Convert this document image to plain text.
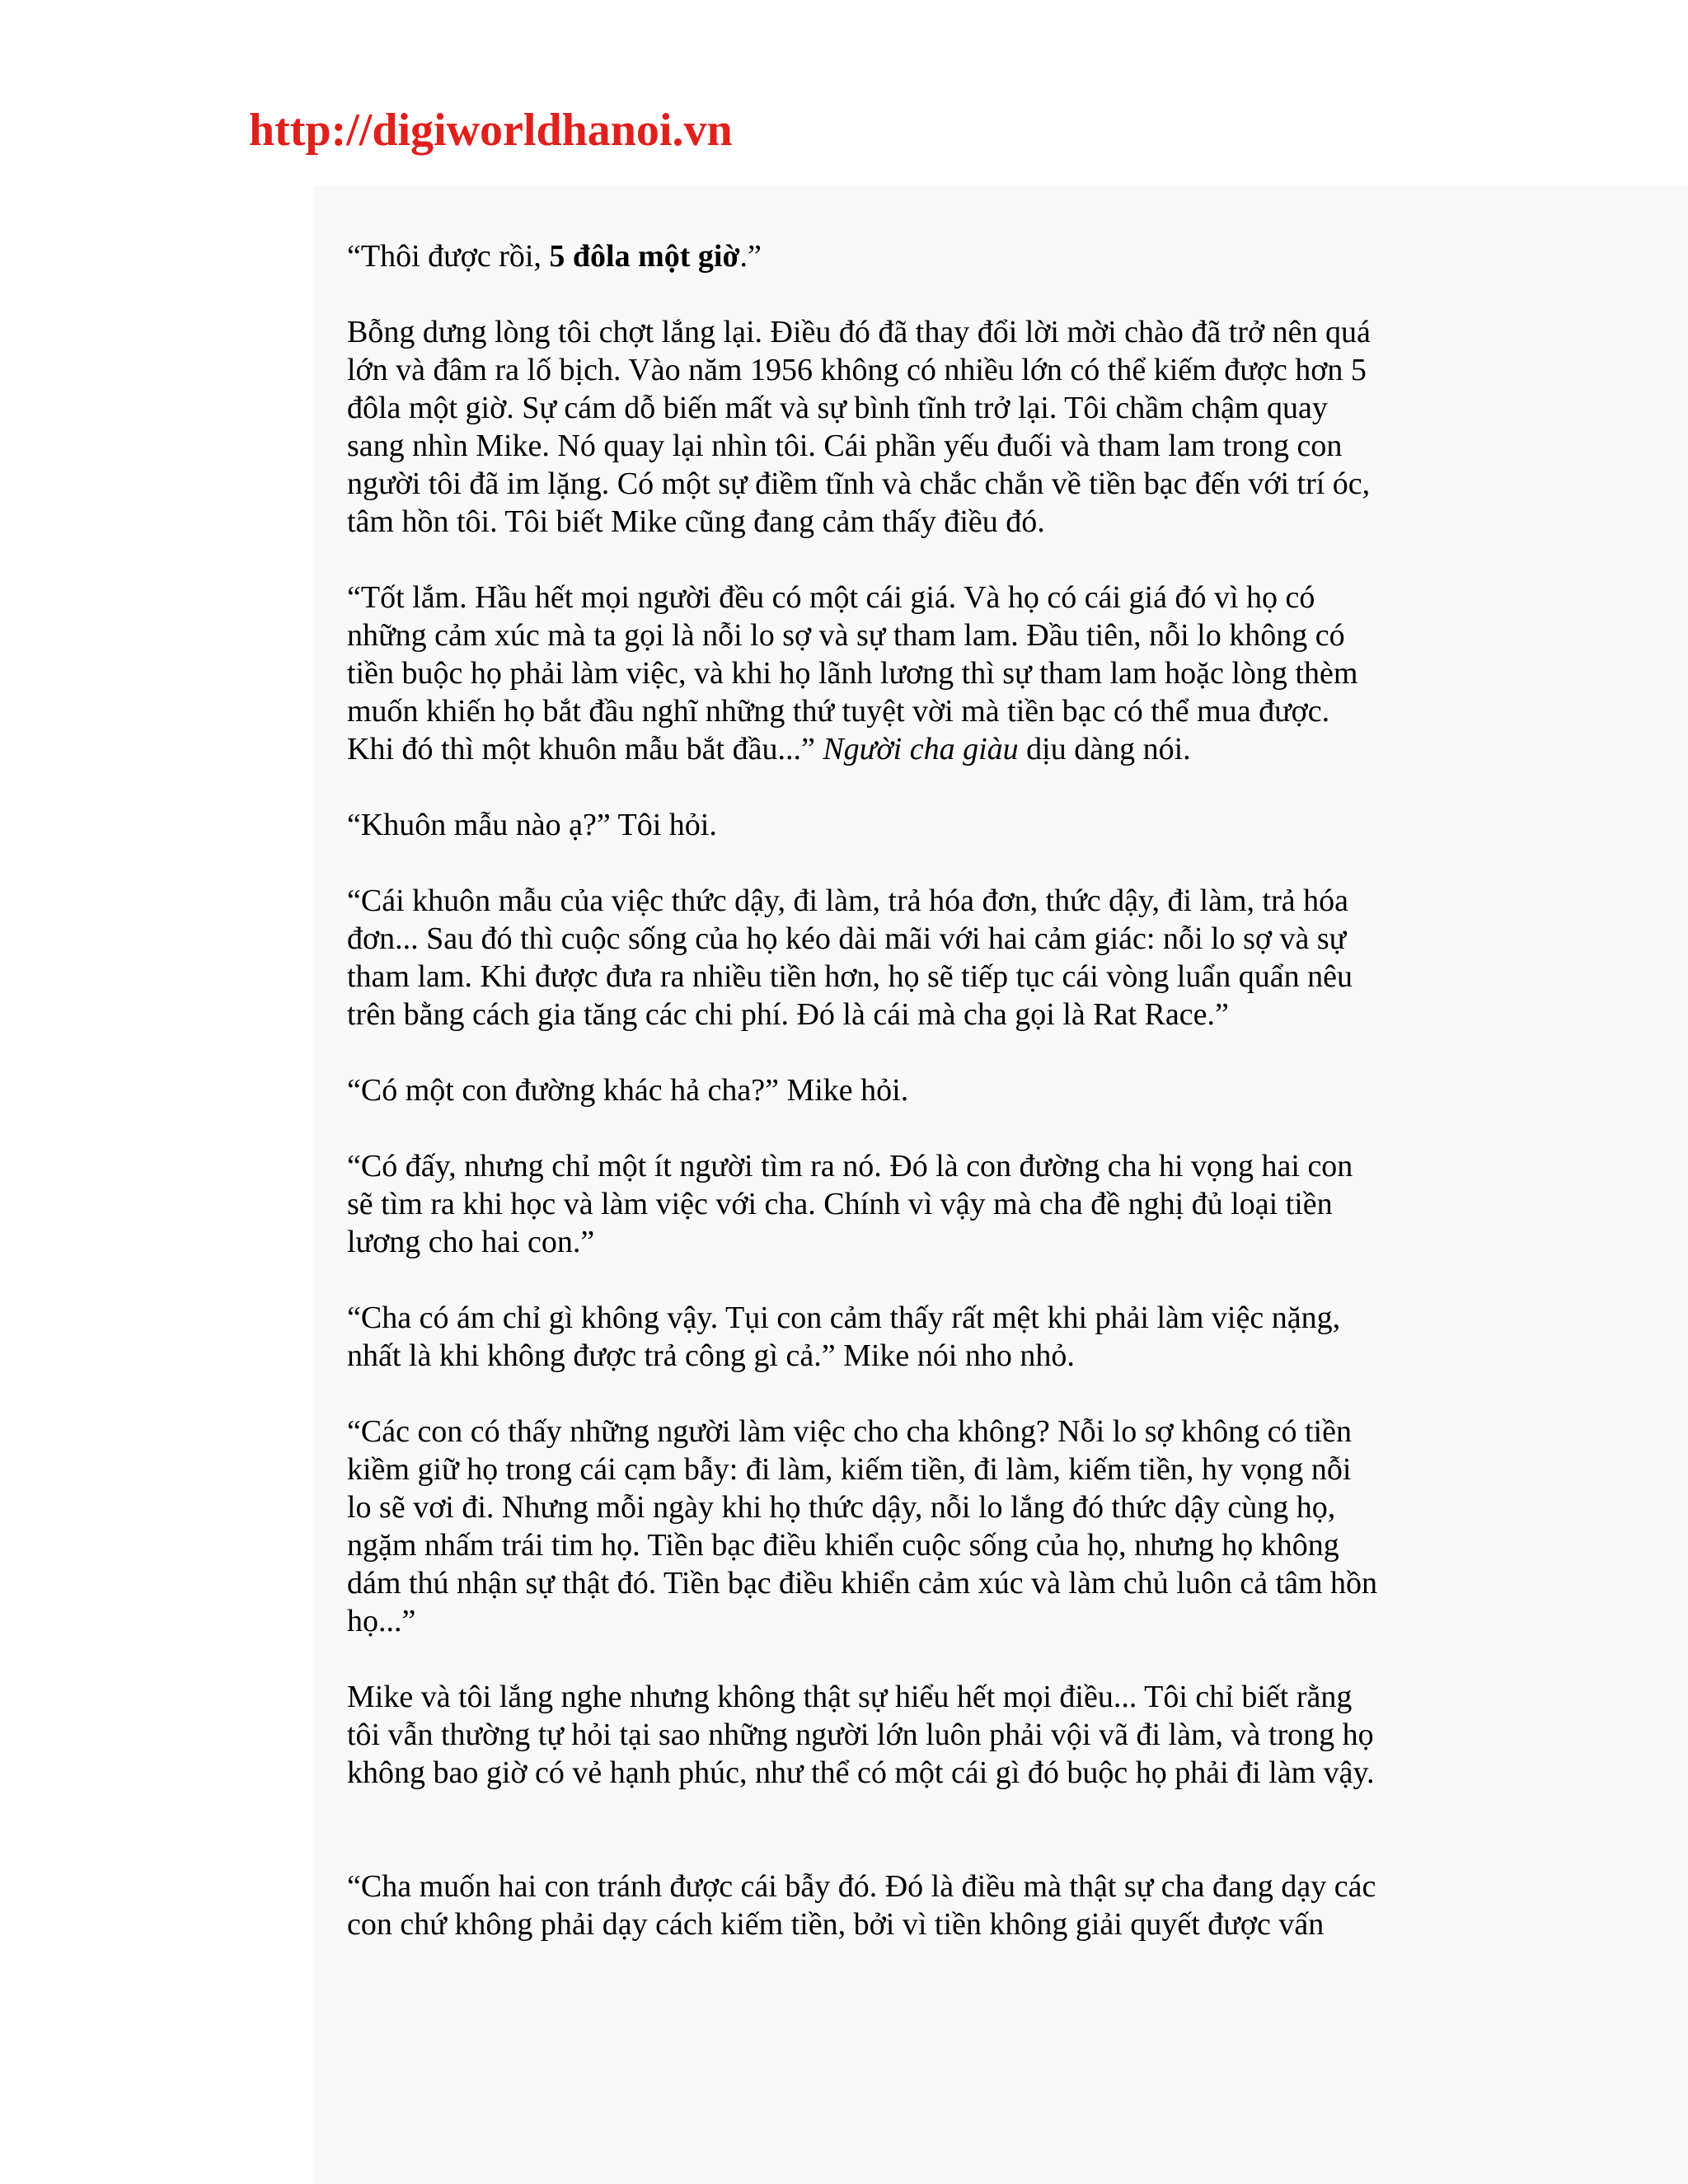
http://digiworldhanoi.vn

“Thôi được rồi, 5 đôla một giờ.”

Bỗng dưng lòng tôi chợt lắng lại. Điều đó đã thay đổi lời mời chào đã trở nên quá
lớn và đâm ra lố bịch. Vào năm 1956 không có nhiều lớn có thể kiếm được hơn 5
đôla một giờ. Sự cám dỗ biến mất và sự bình tĩnh trở lại. Tôi chầm chậm quay
sang nhìn Mike. Nó quay lại nhìn tôi. Cái phần yếu đuối và tham lam trong con
người tôi đã im lặng. Có một sự điềm tĩnh và chắc chắn về tiền bạc đến với trí óc,
tâm hồn tôi. Tôi biết Mike cũng đang cảm thấy điều đó.

“Tốt lắm. Hầu hết mọi người đều có một cái giá. Và họ có cái giá đó vì họ có
những cảm xúc mà ta gọi là nỗi lo sợ và sự tham lam. Đầu tiên, nỗi lo không có
tiền buộc họ phải làm việc, và khi họ lãnh lương thì sự tham lam hoặc lòng thèm
muốn khiến họ bắt đầu nghĩ những thứ tuyệt vời mà tiền bạc có thể mua được.
Khi đó thì một khuôn mẫu bắt đầu...” Người cha giàu dịu dàng nói.

“Khuôn mẫu nào ạ?” Tôi hỏi.

“Cái khuôn mẫu của việc thức dậy, đi làm, trả hóa đơn, thức dậy, đi làm, trả hóa
đơn... Sau đó thì cuộc sống của họ kéo dài mãi với hai cảm giác: nỗi lo sợ và sự
tham lam. Khi được đưa ra nhiều tiền hơn, họ sẽ tiếp tục cái vòng luẩn quẩn nêu
trên bằng cách gia tăng các chi phí. Đó là cái mà cha gọi là Rat Race.”

“Có một con đường khác hả cha?” Mike hỏi.

“Có đấy, nhưng chỉ một ít người tìm ra nó. Đó là con đường cha hi vọng hai con
sẽ tìm ra khi học và làm việc với cha. Chính vì vậy mà cha đề nghị đủ loại tiền
lương cho hai con.”

“Cha có ám chỉ gì không vậy. Tụi con cảm thấy rất mệt khi phải làm việc nặng,
nhất là khi không được trả công gì cả.” Mike nói nho nhỏ.

“Các con có thấy những người làm việc cho cha không? Nỗi lo sợ không có tiền
kiềm giữ họ trong cái cạm bẫy: đi làm, kiếm tiền, đi làm, kiếm tiền, hy vọng nỗi
lo sẽ vơi đi. Nhưng mỗi ngày khi họ thức dậy, nỗi lo lắng đó thức dậy cùng họ,
ngặm nhấm trái tim họ. Tiền bạc điều khiển cuộc sống của họ, nhưng họ không
dám thú nhận sự thật đó. Tiền bạc điều khiển cảm xúc và làm chủ luôn cả tâm hồn
họ...”

Mike và tôi lắng nghe nhưng không thật sự hiểu hết mọi điều... Tôi chỉ biết rằng
tôi vẫn thường tự hỏi tại sao những người lớn luôn phải vội vã đi làm, và trong họ
không bao giờ có vẻ hạnh phúc, như thể có một cái gì đó buộc họ phải đi làm vậy.

“Cha muốn hai con tránh được cái bẫy đó. Đó là điều mà thật sự cha đang dạy các
con chứ không phải dạy cách kiếm tiền, bởi vì tiền không giải quyết được vấn
